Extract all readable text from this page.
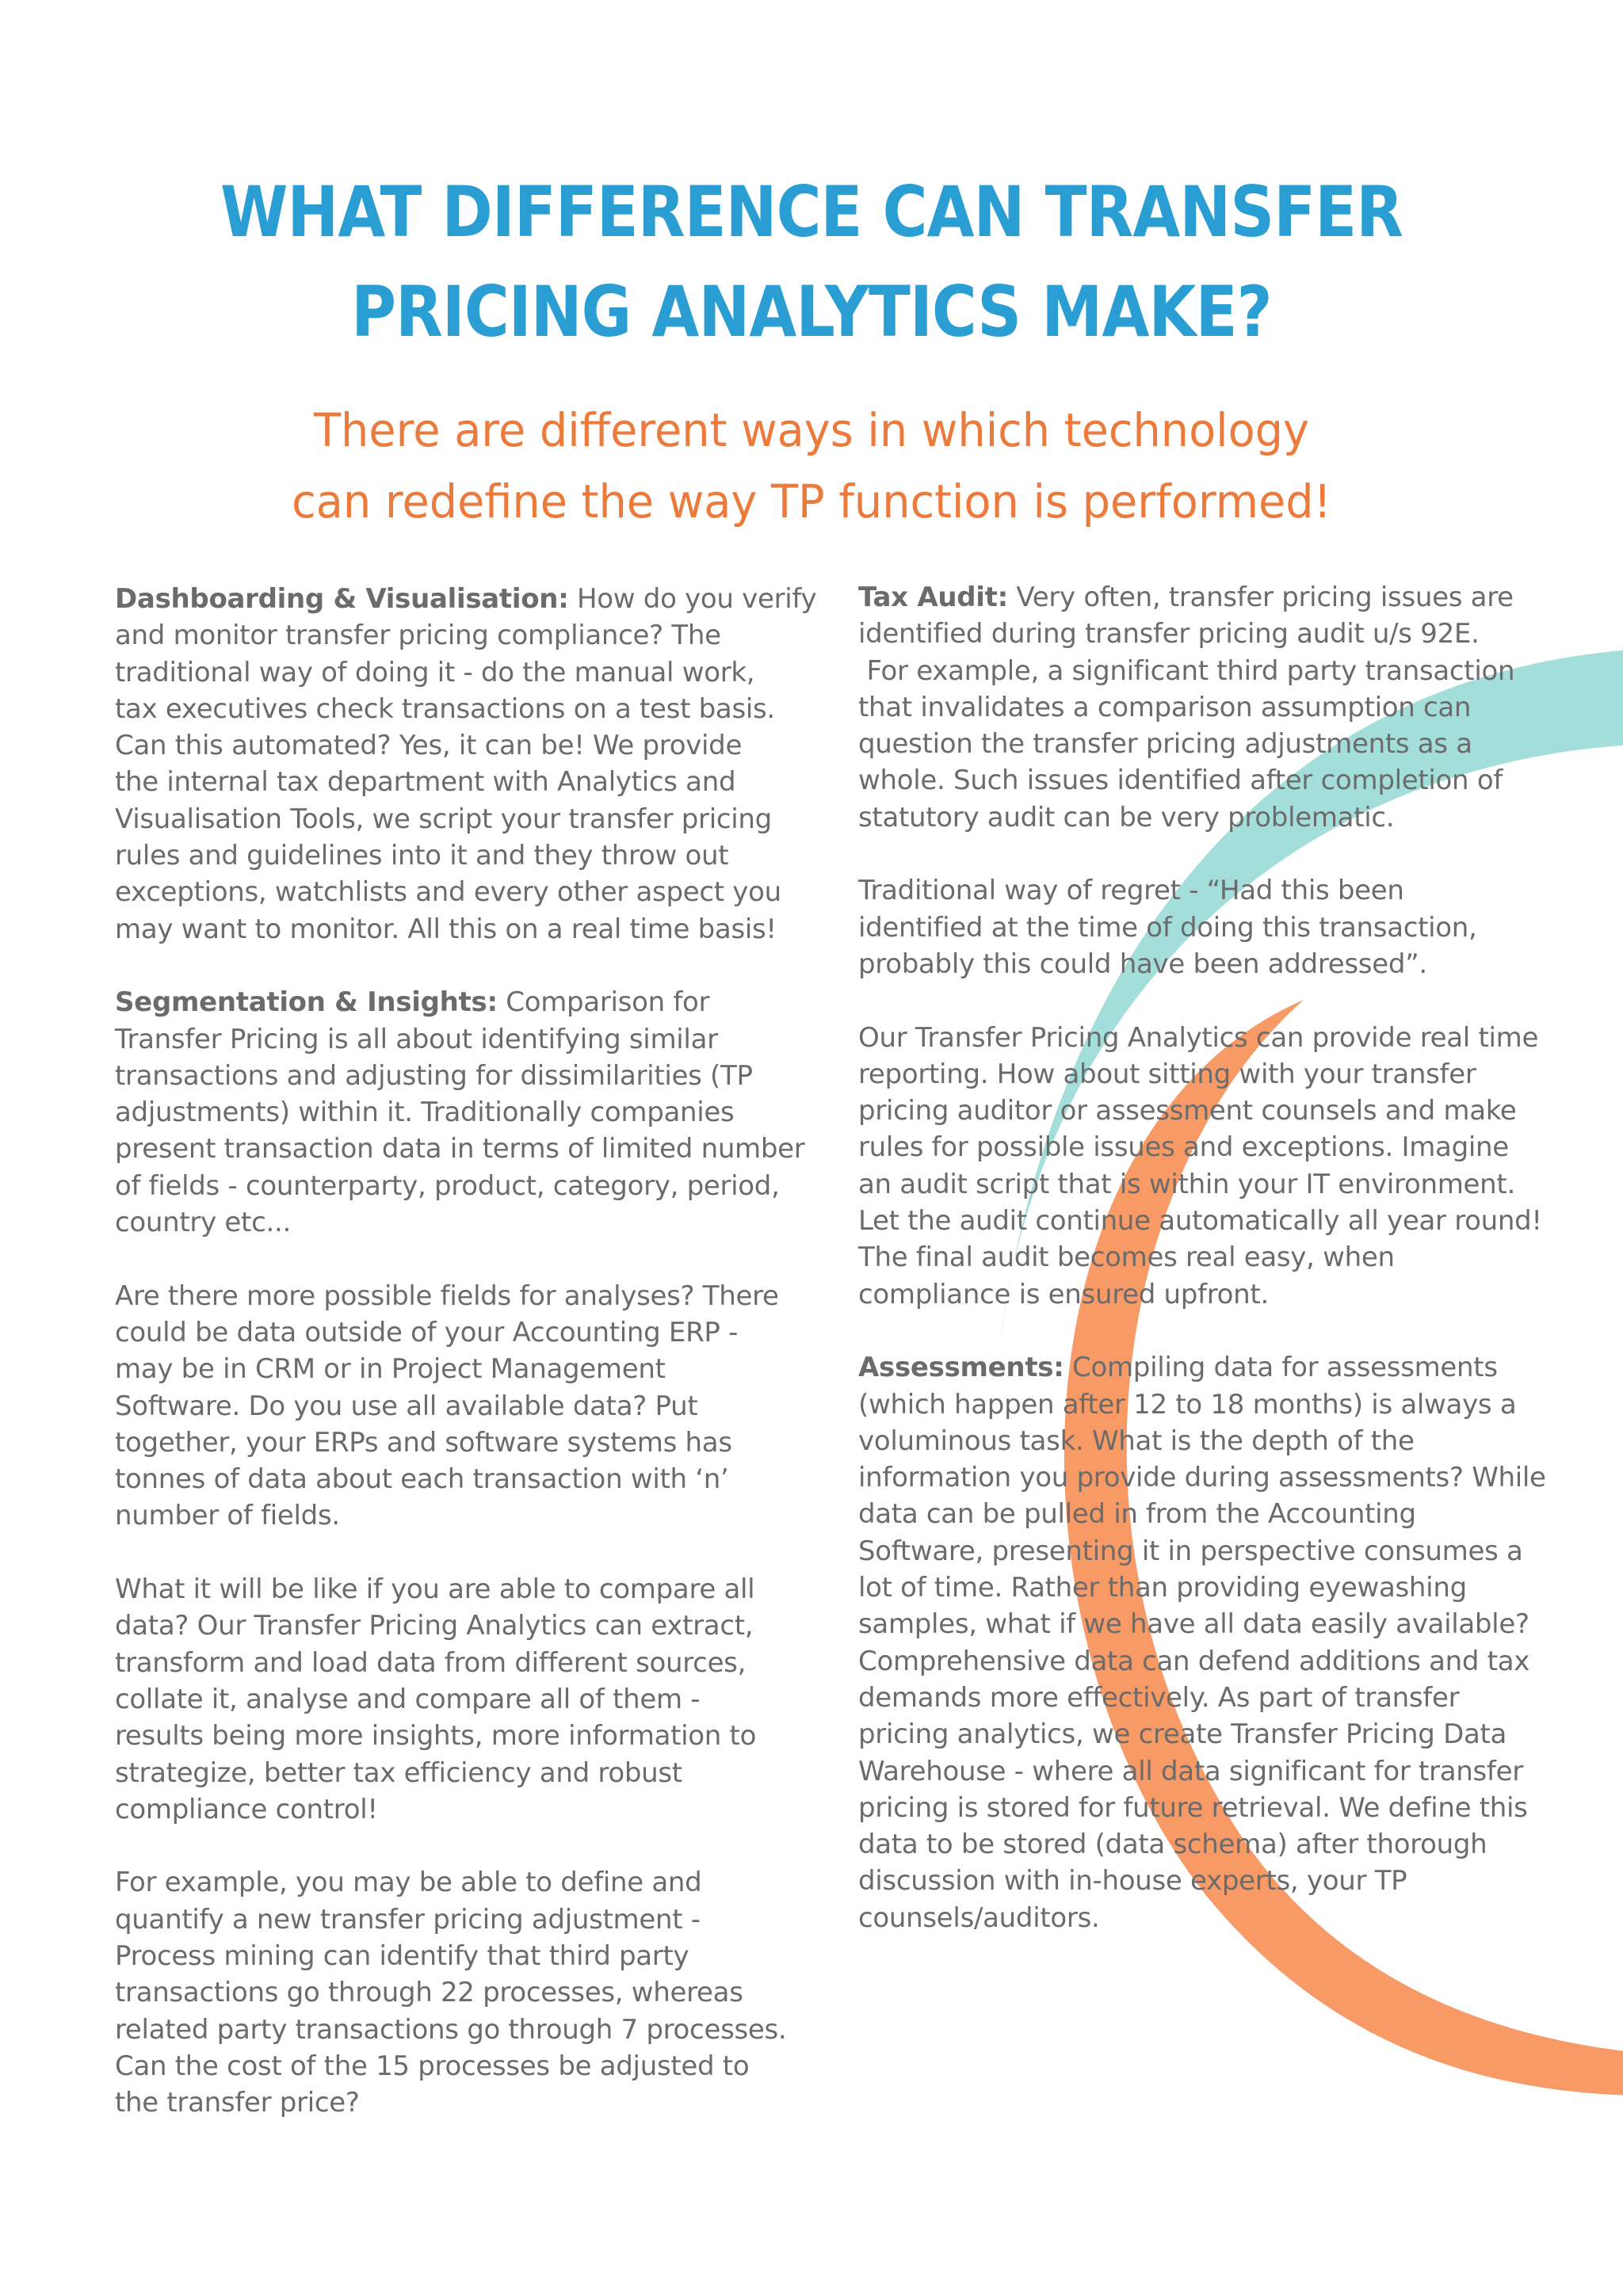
WHAT DIFFERENCE CAN TRANSFER
PRICING ANALYTICS MAKE?
There are different ways in which technology
can redefine the way TP function is performed!
Dashboarding & Visualisation: How do you verify
and monitor transfer pricing compliance? The
traditional way of doing it - do the manual work,
tax executives check transactions on a test basis.
Can this automated? Yes, it can be! We provide
the internal tax department with Analytics and
Visualisation Tools, we script your transfer pricing
rules and guidelines into it and they throw out
exceptions, watchlists and every other aspect you
may want to monitor. All this on a real time basis!
Segmentation & Insights: Comparison for
Transfer Pricing is all about identifying similar
transactions and adjusting for dissimilarities (TP
adjustments) within it. Traditionally companies
present transaction data in terms of limited number
of fields - counterparty, product, category, period,
country etc...
Are there more possible fields for analyses? There
could be data outside of your Accounting ERP -
may be in CRM or in Project Management
Software. Do you use all available data? Put
together, your ERPs and software systems has
tonnes of data about each transaction with ‘n’
number of fields.
What it will be like if you are able to compare all
data? Our Transfer Pricing Analytics can extract,
transform and load data from different sources,
collate it, analyse and compare all of them -
results being more insights, more information to
strategize, better tax efficiency and robust
compliance control!
For example, you may be able to define and
quantify a new transfer pricing adjustment -
Process mining can identify that third party
transactions go through 22 processes, whereas
related party transactions go through 7 processes.
Can the cost of the 15 processes be adjusted to
the transfer price?
Tax Audit: Very often, transfer pricing issues are
identified during transfer pricing audit u/s 92E.
For example, a significant third party transaction
that invalidates a comparison assumption can
question the transfer pricing adjustments as a
whole. Such issues identified after completion of
statutory audit can be very problematic.
Traditional way of regret - “Had this been
identified at the time of doing this transaction,
probably this could have been addressed”.
Our Transfer Pricing Analytics can provide real time
reporting. How about sitting with your transfer
pricing auditor or assessment counsels and make
rules for possible issues and exceptions. Imagine
an audit script that is within your IT environment.
Let the audit continue automatically all year round!
The final audit becomes real easy, when
compliance is ensured upfront.
Assessments: Compiling data for assessments
(which happen after 12 to 18 months) is always a
voluminous task. What is the depth of the
information you provide during assessments? While
data can be pulled in from the Accounting
Software, presenting it in perspective consumes a
lot of time. Rather than providing eyewashing
samples, what if we have all data easily available?
Comprehensive data can defend additions and tax
demands more effectively. As part of transfer
pricing analytics, we create Transfer Pricing Data
Warehouse - where all data significant for transfer
pricing is stored for future retrieval. We define this
data to be stored (data schema) after thorough
discussion with in-house experts, your TP
counsels/auditors.
